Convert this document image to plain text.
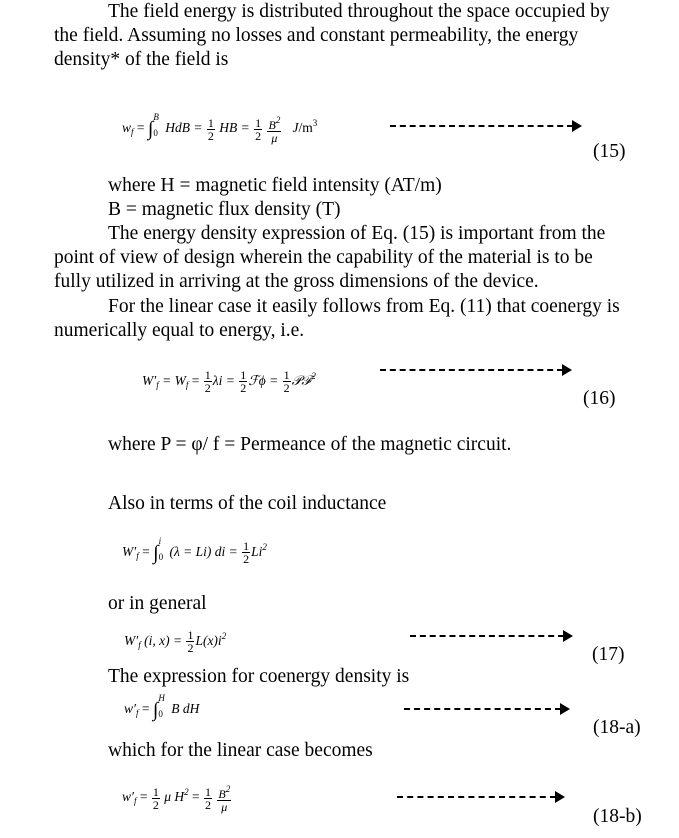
The field energy is distributed throughout the space occupied by
the field. Assuming no losses and constant permeability, the energy
density* of the field is
$w_f$ = ∫
B
0 HdB = $\frac{1}{2}$ HB = $\frac{1}{2}$
$\frac{B^2}{\mu} J/m^3$
(15)
where H = magnetic field intensity (AT/m)
B = magnetic flux density (T)
The energy density expression of Eq. (15) is important from the
point of view of design wherein the capability of the material is to be
fully utilized in arriving at the gross dimensions of the device.
For the linear case it easily follows from Eq. (11) that coenergy is
numerically equal to energy, i.e.
$W'_f = W_f = \frac{1}{2}$ $\lambda i = \frac{1}{2}$ ℱϕ = $\frac{1}{2}$ 𝒫ℱ$^2$
(16)
where P = φ/ f = Permeance of the magnetic circuit.
Also in terms of the coil inductance
$W'_f$ = ∫
i
0 (λ = Li) di = $\frac{1}{2} Li^2$
or in general
$W'_f$ (i, $x) = \frac{1}{2} L(x)i^2$
(17)
The expression for coenergy density is
$w'_f$ = ∫
H
0 B dH
(18-a)
which for the linear case becomes
$w'_f = \frac{1}{2}$ μ $H^2 = \frac{1}{2}$
$\frac{B^2}{\mu}$
(18-b)
